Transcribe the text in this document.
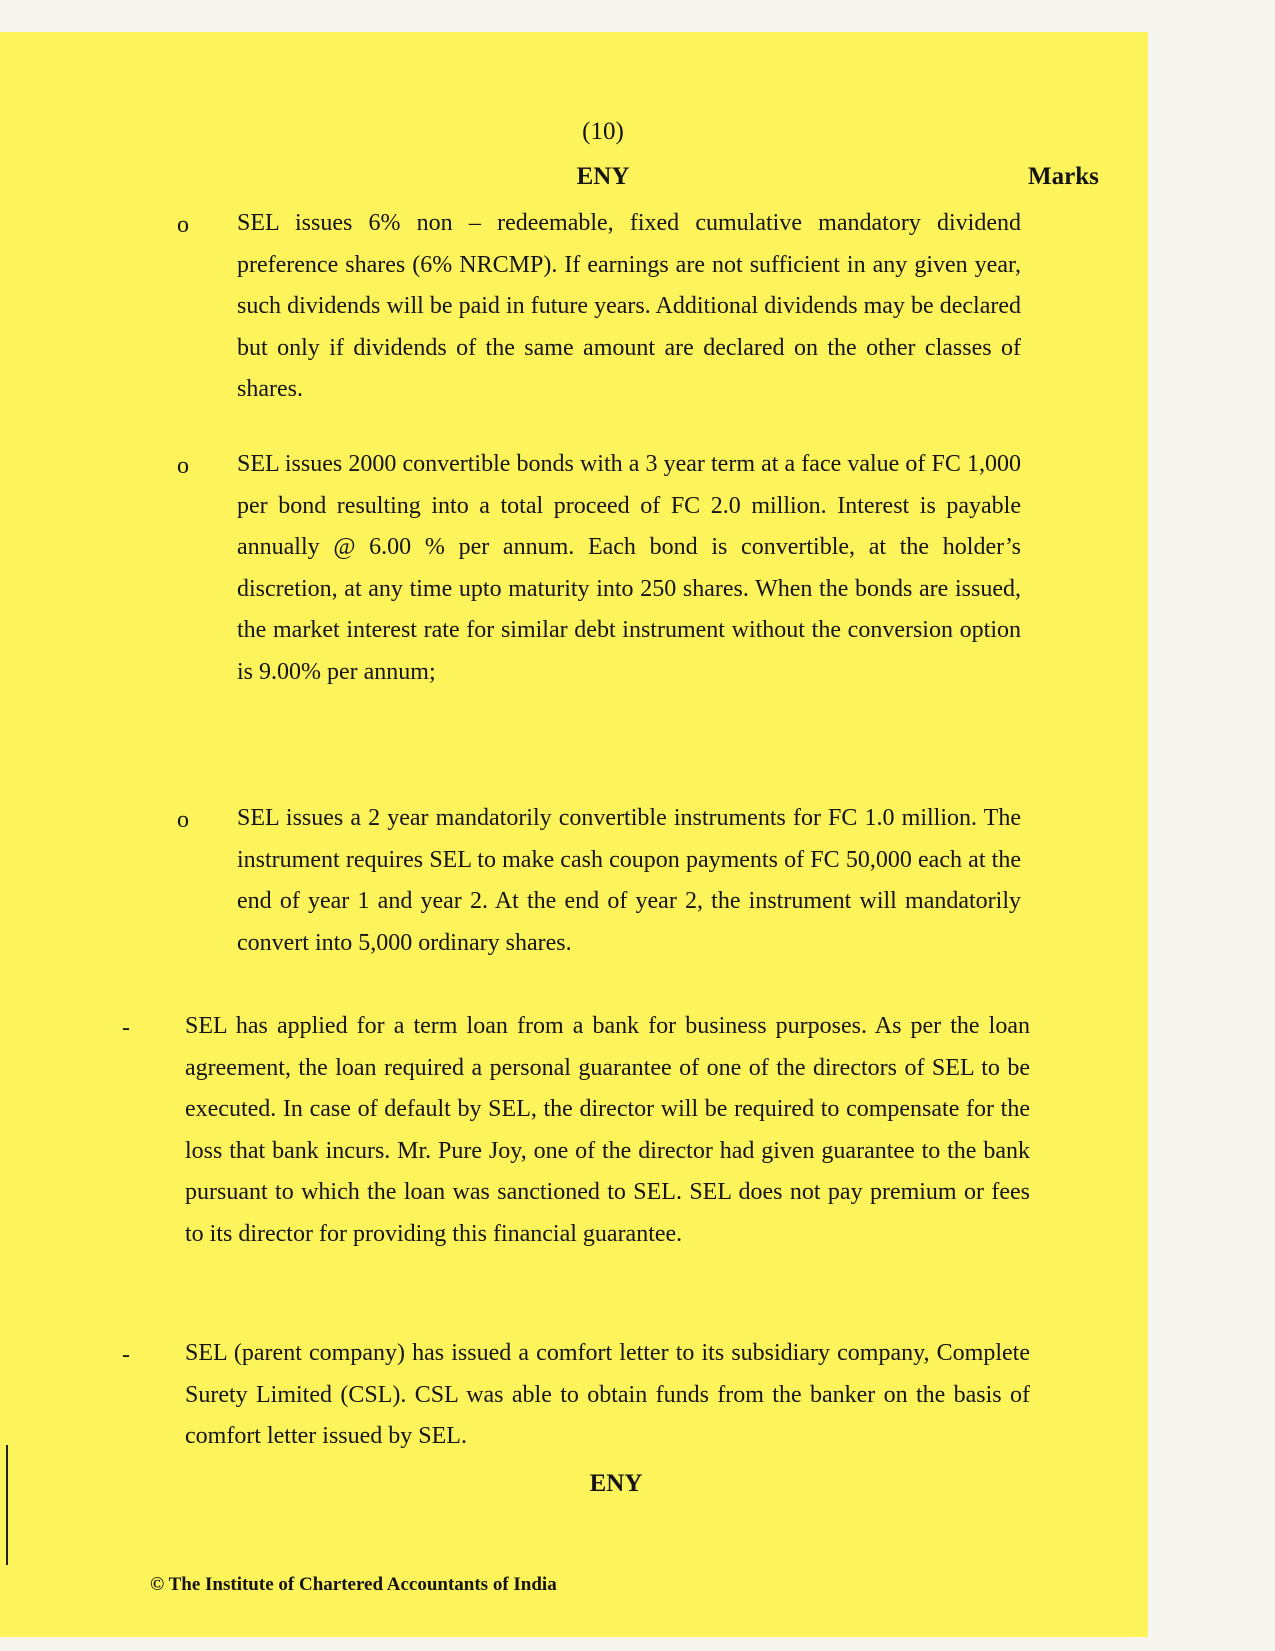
(10)
ENY	Marks
o SEL issues 6% non – redeemable, fixed cumulative mandatory dividend preference shares (6% NRCMP). If earnings are not sufficient in any given year, such dividends will be paid in future years. Additional dividends may be declared but only if dividends of the same amount are declared on the other classes of shares.
o SEL issues 2000 convertible bonds with a 3 year term at a face value of FC 1,000 per bond resulting into a total proceed of FC 2.0 million. Interest is payable annually @ 6.00 % per annum. Each bond is convertible, at the holder’s discretion, at any time upto maturity into 250 shares. When the bonds are issued, the market interest rate for similar debt instrument without the conversion option is 9.00% per annum;
o SEL issues a 2 year mandatorily convertible instruments for FC 1.0 million. The instrument requires SEL to make cash coupon payments of FC 50,000 each at the end of year 1 and year 2. At the end of year 2, the instrument will mandatorily convert into 5,000 ordinary shares.
- SEL has applied for a term loan from a bank for business purposes. As per the loan agreement, the loan required a personal guarantee of one of the directors of SEL to be executed. In case of default by SEL, the director will be required to compensate for the loss that bank incurs. Mr. Pure Joy, one of the director had given guarantee to the bank pursuant to which the loan was sanctioned to SEL. SEL does not pay premium or fees to its director for providing this financial guarantee.
- SEL (parent company) has issued a comfort letter to its subsidiary company, Complete Surety Limited (CSL). CSL was able to obtain funds from the banker on the basis of comfort letter issued by SEL.
ENY
© The Institute of Chartered Accountants of India
